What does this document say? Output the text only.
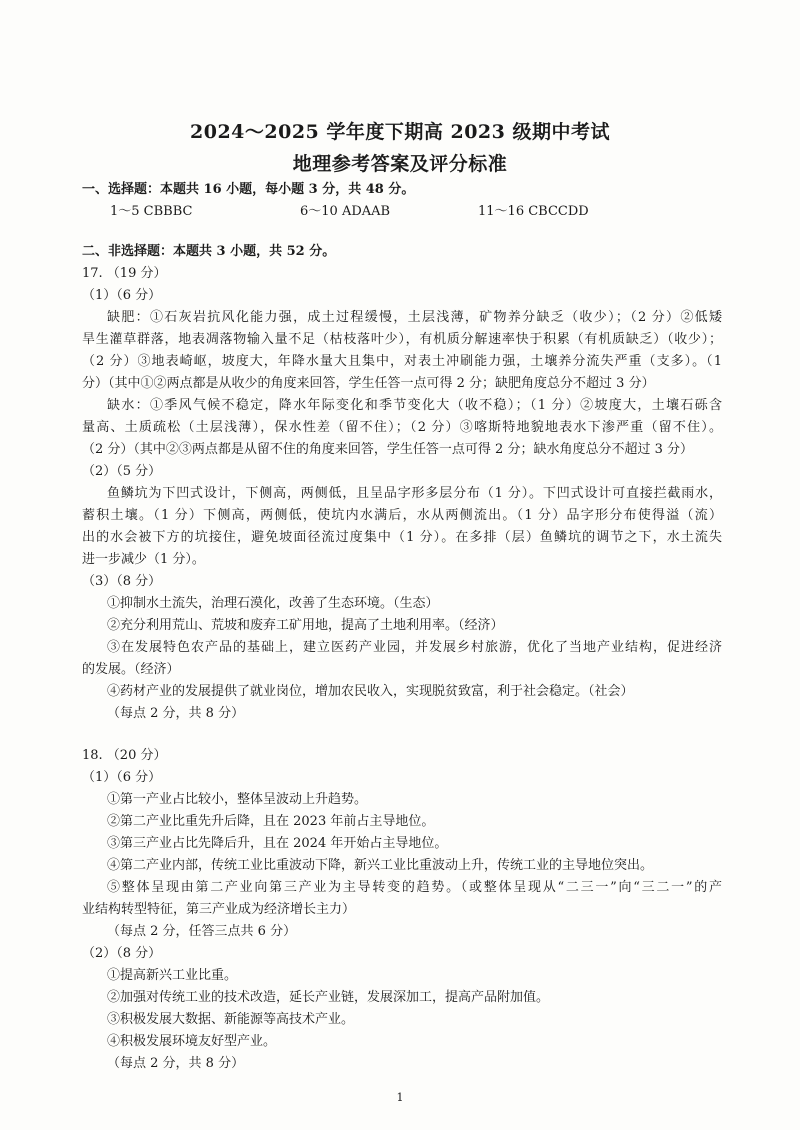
2024～2025 学年度下期高 2023 级期中考试
地理参考答案及评分标准
一、选择题：本题共 16 小题，每小题 3 分，共 48 分。
1～5 CBBBC	6～10 ADAAB	11～16 CBCCDD
二、非选择题：本题共 3 小题，共 52 分。
17. （19 分）
（1）（6 分）
缺肥：①石灰岩抗风化能力强，成土过程缓慢，土层浅薄，矿物养分缺乏（收少）；（2 分）②低矮
旱生灌草群落，地表凋落物输入量不足（枯枝落叶少），有机质分解速率快于积累（有机质缺乏）（收少）；
（2 分）③地表崎岖，坡度大，年降水量大且集中，对表土冲刷能力强，土壤养分流失严重（支多）。（1
分）（其中①②两点都是从收少的角度来回答，学生任答一点可得 2 分；缺肥角度总分不超过 3 分）
缺水：①季风气候不稳定，降水年际变化和季节变化大（收不稳）；（1 分）②坡度大，土壤石砾含
量高、土质疏松（土层浅薄），保水性差（留不住）；（2 分）③喀斯特地貌地表水下渗严重（留不住）。
（2 分）（其中②③两点都是从留不住的角度来回答，学生任答一点可得 2 分；缺水角度总分不超过 3 分）
（2）（5 分）
鱼鳞坑为下凹式设计，下侧高，两侧低，且呈品字形多层分布（1 分）。下凹式设计可直接拦截雨水，
蓄积土壤。（1 分）下侧高，两侧低，使坑内水满后，水从两侧流出。（1 分）品字形分布使得溢（流）
出的水会被下方的坑接住，避免坡面径流过度集中（1 分）。在多排（层）鱼鳞坑的调节之下，水土流失
进一步减少（1 分）。
（3）（8 分）
①抑制水土流失，治理石漠化，改善了生态环境。（生态）
②充分利用荒山、荒坡和废弃工矿用地，提高了土地利用率。（经济）
③在发展特色农产品的基础上，建立医药产业园，并发展乡村旅游，优化了当地产业结构，促进经济
的发展。（经济）
④药材产业的发展提供了就业岗位，增加农民收入，实现脱贫致富，利于社会稳定。（社会）
（每点 2 分，共 8 分）
18. （20 分）
（1）（6 分）
①第一产业占比较小，整体呈波动上升趋势。
②第二产业比重先升后降，且在 2023 年前占主导地位。
③第三产业占比先降后升，且在 2024 年开始占主导地位。
④第二产业内部，传统工业比重波动下降，新兴工业比重波动上升，传统工业的主导地位突出。
⑤整体呈现由第二产业向第三产业为主导转变的趋势。（或整体呈现从“二三一”向“三二一”的产
业结构转型特征，第三产业成为经济增长主力）
（每点 2 分，任答三点共 6 分）
（2）（8 分）
①提高新兴工业比重。
②加强对传统工业的技术改造，延长产业链，发展深加工，提高产品附加值。
③积极发展大数据、新能源等高技术产业。
④积极发展环境友好型产业。
（每点 2 分，共 8 分）
1
